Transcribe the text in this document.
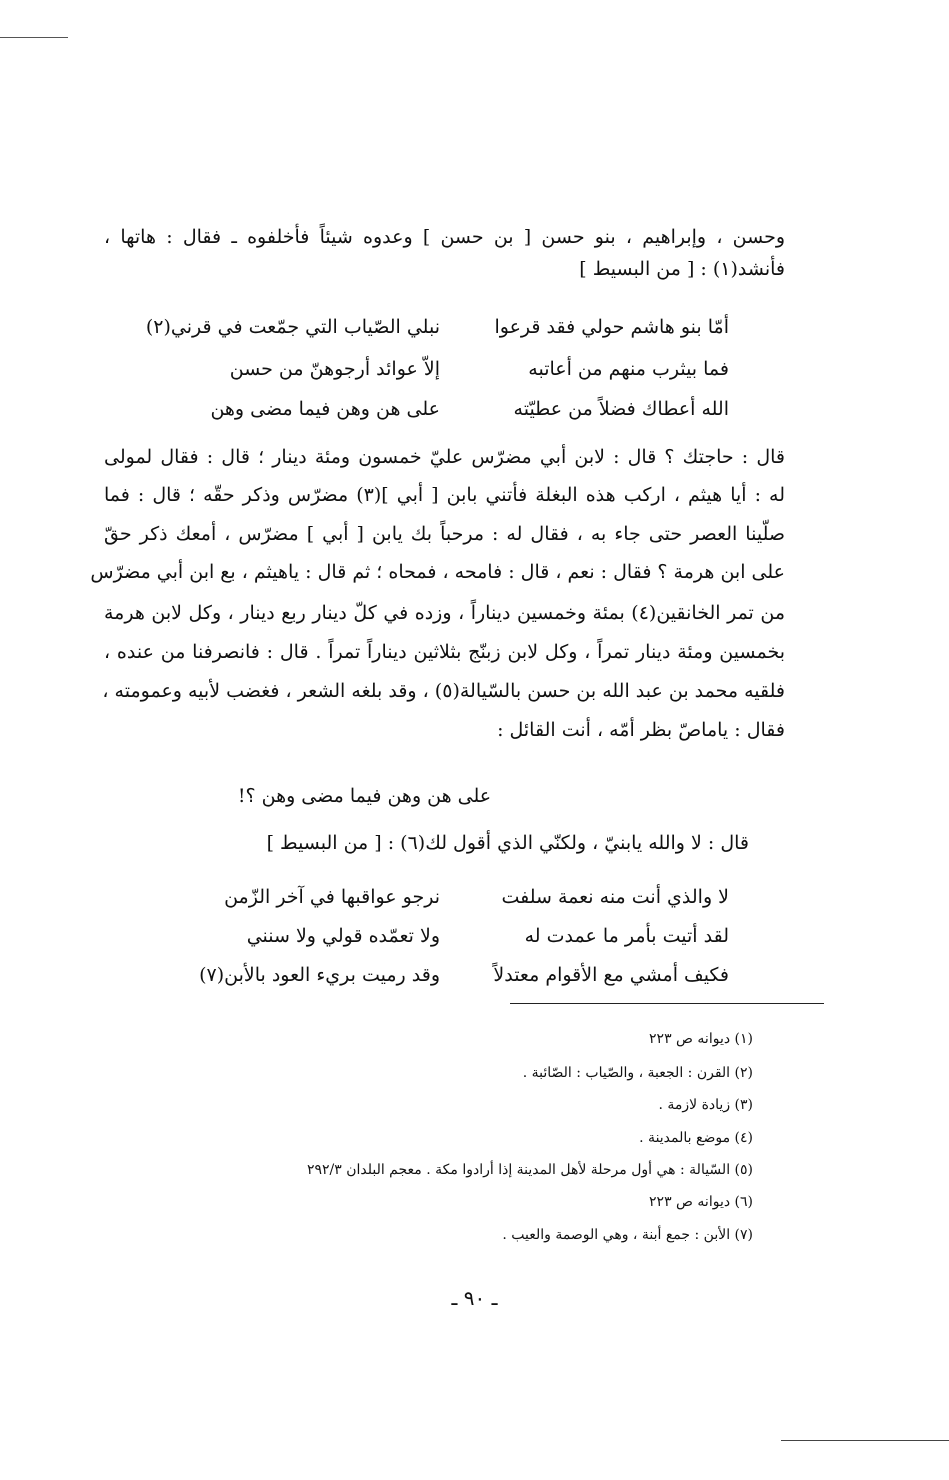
وحسن ، وإبراهيم ، بنو حسن [ بن حسن ] وعدوه شيئاً فأخلفوه ـ فقال : هاتها ،
فأنشد(١) : [ من البسيط ]
أمّا بنو هاشم حولي فقد قرعوا
نبلي الصّياب التي جمّعت في قرني(٢)
فما بيثرب منهم من أعاتبه
إلاّ عوائد أرجوهنّ من حسن
الله أعطاك فضلاً من عطيّته
على هن وهن فيما مضى وهن
قال : حاجتك ؟ قال : لابن أبي مضرّس عليّ خمسون ومئة دينار ؛ قال : فقال لمولى
له : أيا هيثم ، اركب هذه البغلة فأتني بابن [ أبي ](٣) مضرّس وذكر حقّه ؛ قال : فما
صلّينا العصر حتى جاء به ، فقال له : مرحباً بك يابن [ أبي ] مضرّس ، أمعك ذكر حقّ
على ابن هرمة ؟ فقال : نعم ، قال : فامحه ، فمحاه ؛ ثم قال : ياهيثم ، بع ابن أبي مضرّس
من تمر الخانقين(٤) بمئة وخمسين ديناراً ، وزده في كلّ دينار ربع دينار ، وكل لابن هرمة
بخمسين ومئة دينار تمراً ، وكل لابن زبنّج بثلاثين ديناراً تمراً . قال : فانصرفنا من عنده ،
فلقيه محمد بن عبد الله بن حسن بالسّيالة(٥) ، وقد بلغه الشعر ، فغضب لأبيه وعمومته ،
فقال : ياماصّ بظر أمّه ، أنت القائل :
على هن وهن فيما مضى وهن ؟!
قال : لا والله يابنيّ ، ولكنّي الذي أقول لك(٦) : [ من البسيط ]
لا والذي أنت منه نعمة سلفت
نرجو عواقبها في آخر الزّمن
لقد أتيت بأمر ما عمدت له
ولا تعمّده قولي ولا سنني
فكيف أمشي مع الأقوام معتدلاً
وقد رميت بريء العود بالأبن(٧)
(١) ديوانه ص ٢٢٣
(٢) القرن : الجعبة ، والصّياب : الصّائبة .
(٣) زيادة لازمة .
(٤) موضع بالمدينة .
(٥) السّيالة : هي أول مرحلة لأهل المدينة إذا أرادوا مكة . معجم البلدان ٢٩٢/٣
(٦) ديوانه ص ٢٢٣
(٧) الأبن : جمع أبنة ، وهي الوصمة والعيب .
ـ ٩٠ ـ
